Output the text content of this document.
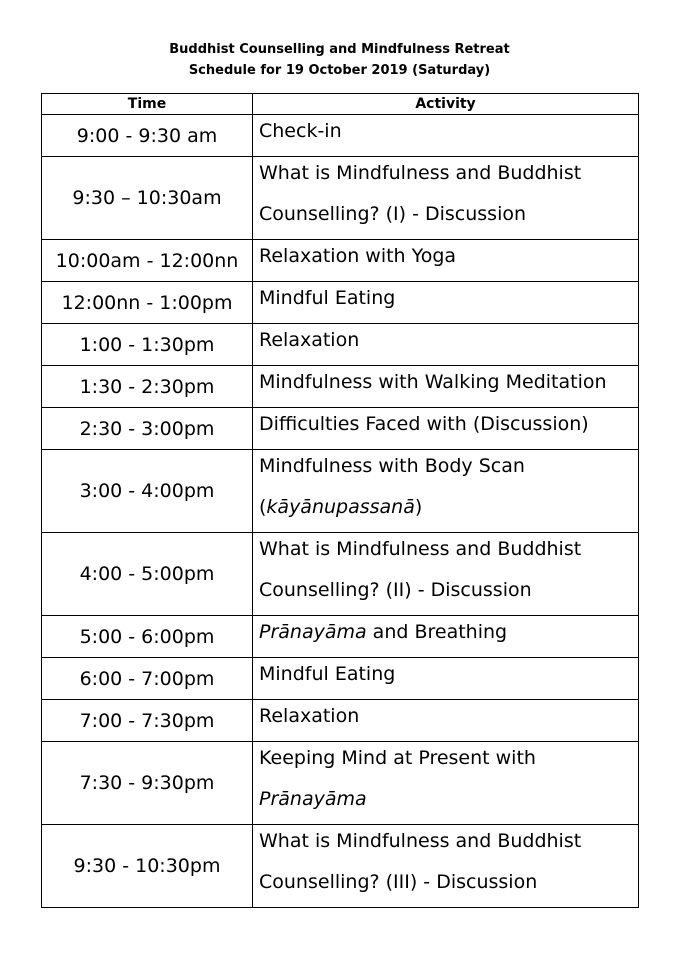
Buddhist Counselling and Mindfulness Retreat
Schedule for 19 October 2019 (Saturday)
Time	Activity
9:00 - 9:30 am	Check-in

9:30 – 10:30am	What is Mindfulness and Buddhist
Counselling? (I) - Discussion

10:00am - 12:00nn	Relaxation with Yoga

12:00nn - 1:00pm	Mindful Eating

1:00 - 1:30pm	Relaxation

1:30 - 2:30pm	Mindfulness with Walking Meditation

2:30 - 3:00pm	Difficulties Faced with (Discussion)

3:00 - 4:00pm	Mindfulness with Body Scan
(kāyānupassanā)

4:00 - 5:00pm	What is Mindfulness and Buddhist
Counselling? (II) - Discussion

5:00 - 6:00pm	Prānayāma and Breathing

6:00 - 7:00pm	Mindful Eating

7:00 - 7:30pm	Relaxation

7:30 - 9:30pm	Keeping Mind at Present with
Prānayāma

9:30 - 10:30pm	What is Mindfulness and Buddhist
Counselling? (III) - Discussion
